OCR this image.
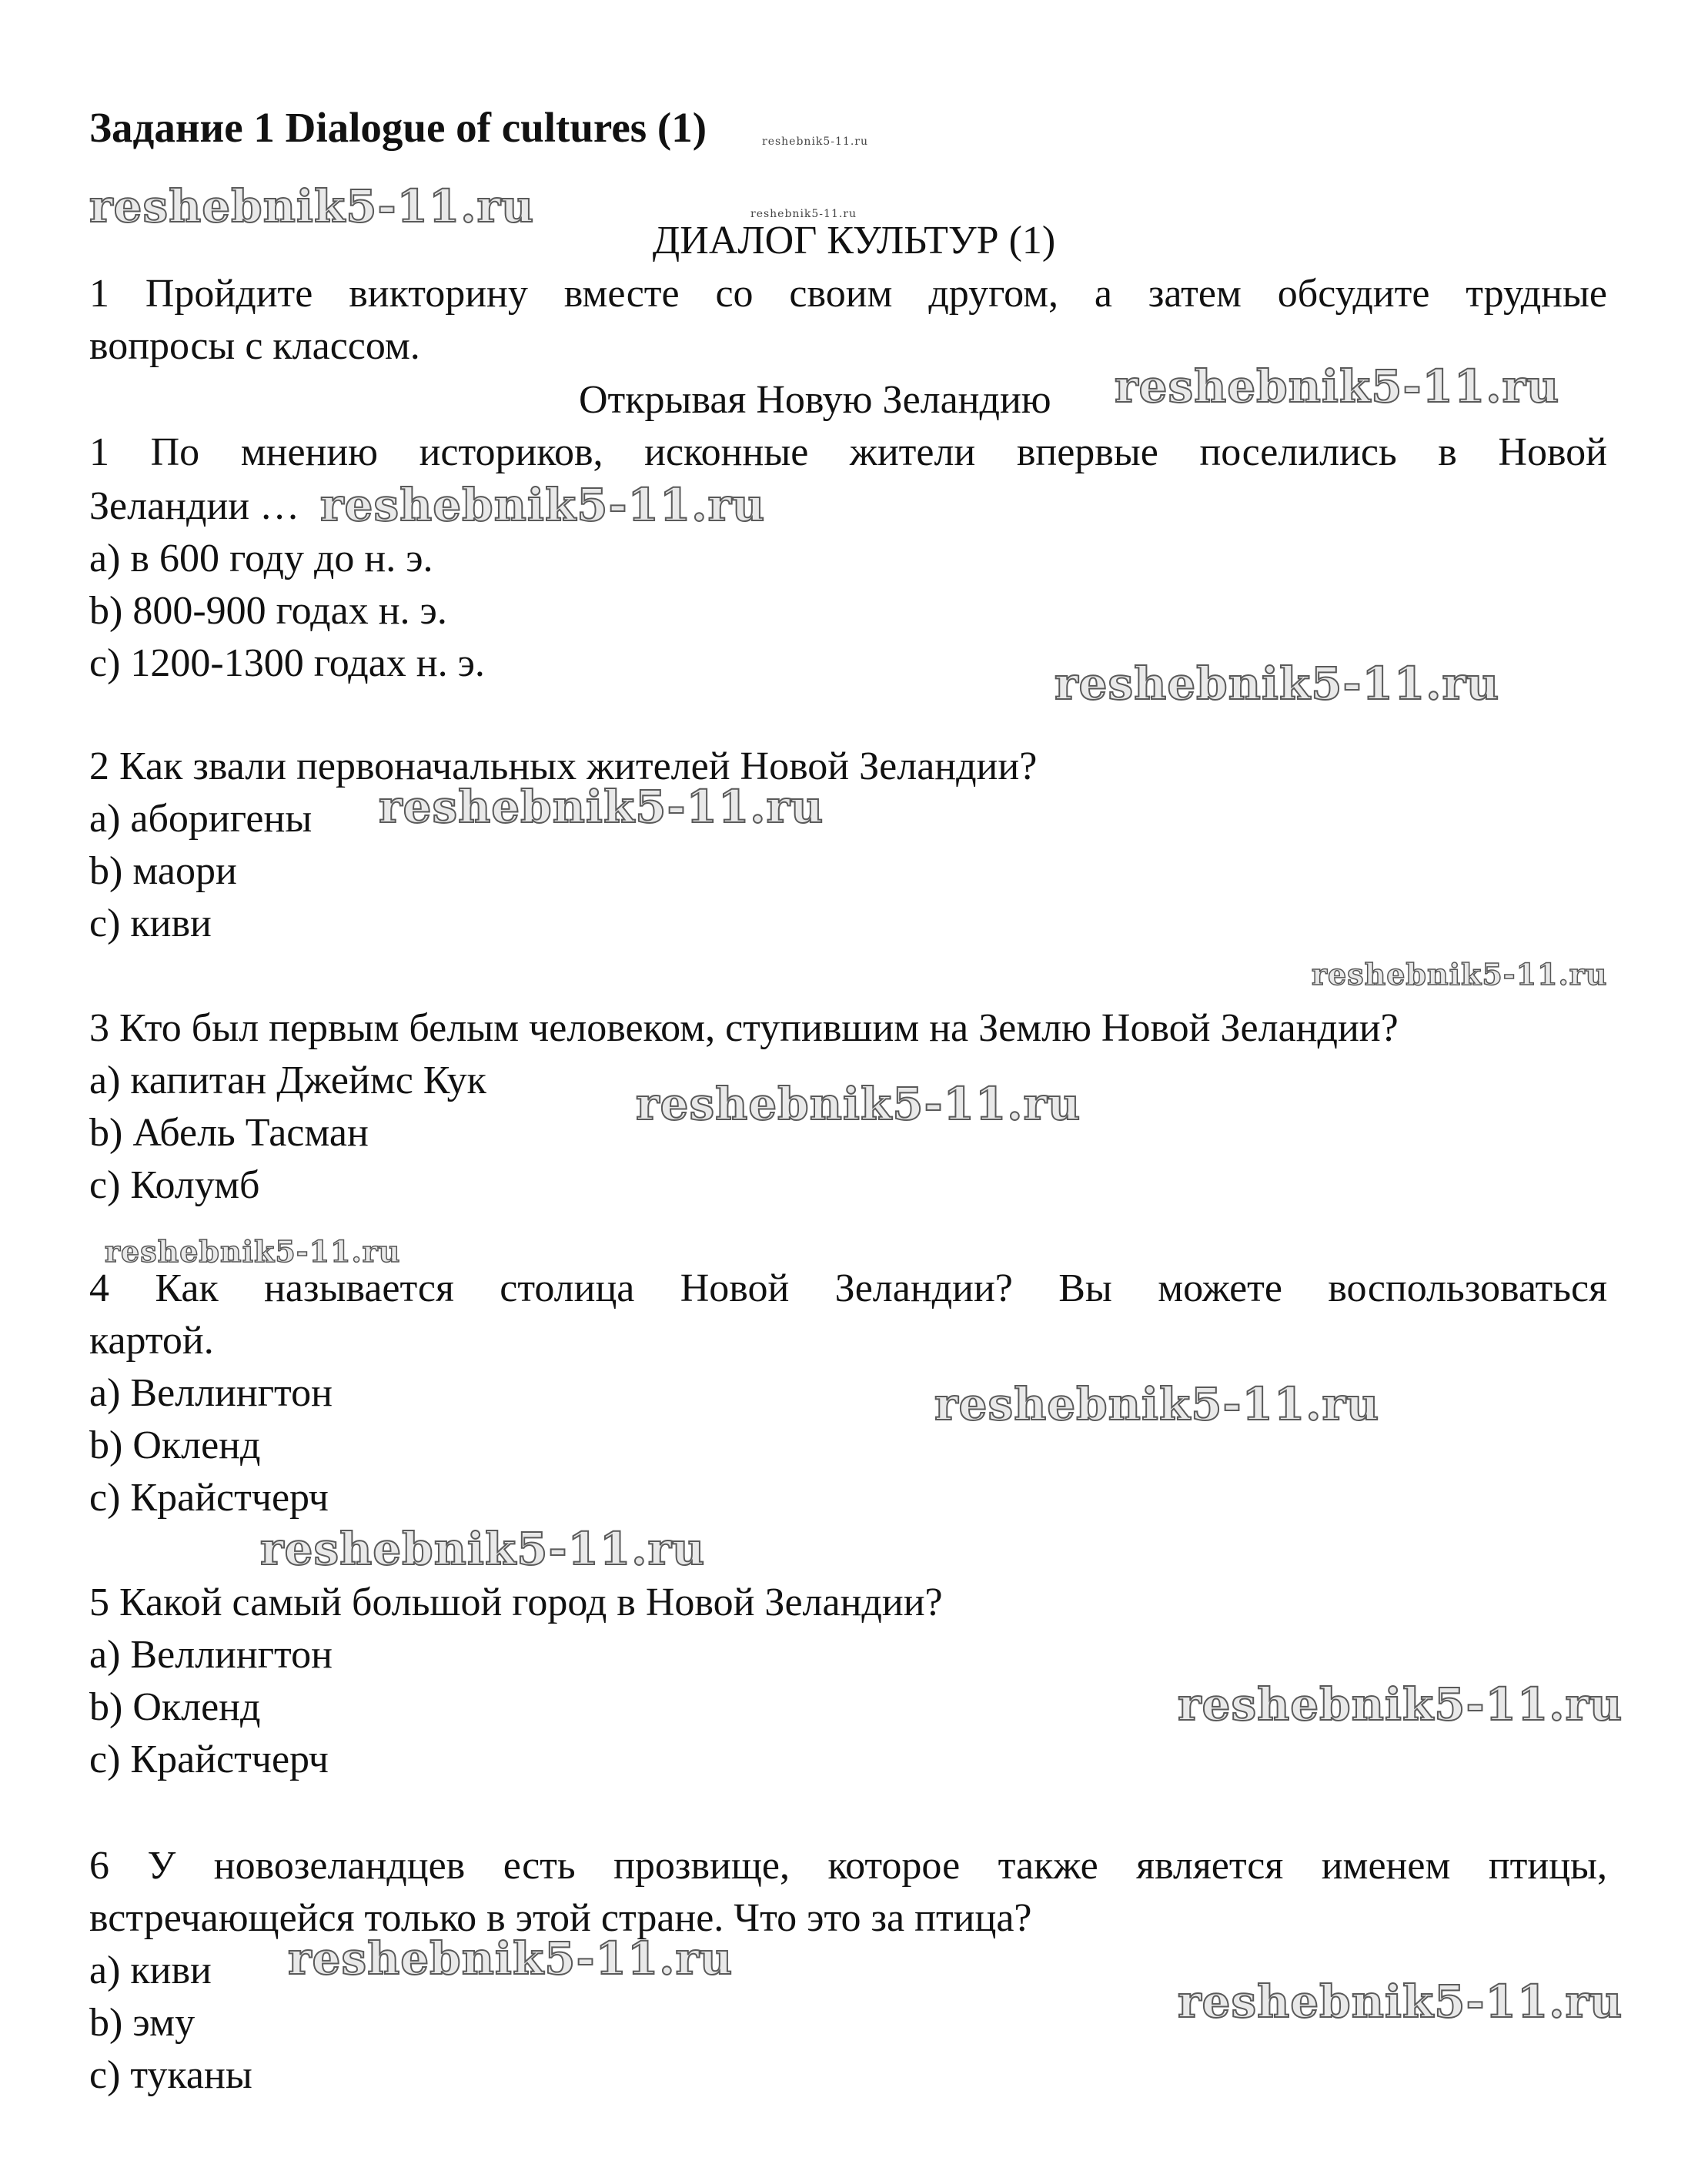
Задание 1 Dialogue of cultures (1)	reshebnik5-11.ru
reshebnik5-11.ru	reshebnik5-11.ru
ДИАЛОГ КУЛЬТУР (1)
1 Пройдите викторину вместе со своим другом, а затем обсудите трудные
вопросы с классом.
Открывая Новую Зеландию reshebnik5-11.ru
1 По мнению историков, исконные жители впервые поселились в Новой
Зеландии … reshebnik5-11.ru
a) в 600 году до н. э.
b) 800-900 годах н. э.
c) 1200-1300 годах н. э.	reshebnik5-11.ru
2 Как звали первоначальных жителей Новой Зеландии?
a) аборигены reshebnik5-11.ru
b) маори
c) киви
reshebnik5-11.ru
3 Кто был первым белым человеком, ступившим на Землю Новой Зеландии?
a) капитан Джеймс Кук	reshebnik5-11.ru
b) Абель Тасман
c) Колумб
reshebnik5-11.ru
4 Как называется столица Новой Зеландии? Вы можете воспользоваться
картой.
a) Веллингтон	reshebnik5-11.ru
b) Окленд
c) Крайстчерч
reshebnik5-11.ru
5 Какой самый большой город в Новой Зеландии?
a) Веллингтон
b) Окленд	reshebnik5-11.ru
c) Крайстчерч
6 У новозеландцев есть прозвище, которое также является именем птицы,
встречающейся только в этой стране. Что это за птица?
a) киви reshebnik5-11.ru
b) эму	reshebnik5-11.ru
c) туканы
